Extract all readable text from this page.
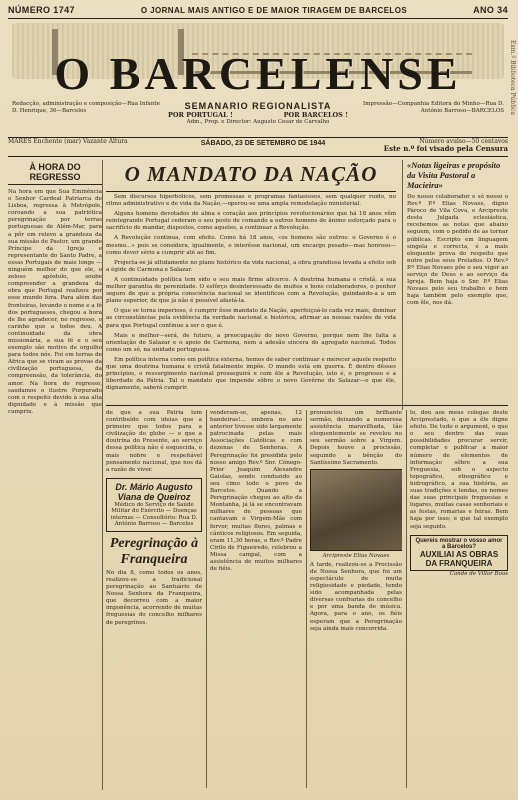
NÚMERO 1747	O JORNAL MAIS ANTIGO E DE MAIOR TIRAGEM DE BARCELOS	ANO 34
O BARCELENSE
Redacção, administração e composição—Rua Infante D. Henrique, 36—Barcelos	SEMANARIO REGIONALISTA
POR PORTUGAL !	POR BARCELOS !
Adm., Prop. e Director: Augusto Cesar de Carvalho
Impressão—Companhia Editora do Minho—Rua D. António Barroso—BARCELOS
MARÉS Enchente (mar) Vazante Altura	SÁBADO, 23 DE SETEMBRO DE 1944	Número avulso—50 centavos
Este n.º foi visado pela Censura
Exm.º Biblioteca Pública
À HORA DO REGRESSO
Na hora em que Sua Eminência o Senhor Cardeal Patriarca de Lisboa, regressa à Metrópole, coroando a sua patriótica peregrinação por terras portuguesas de Além-Mar, para a pôr em relevo a grandeza da sua missão de Pastor, um grande Príncipe da Igreja e representante do Santo Padre, a essas Portugais de mais longe — ninguém melhor do que ele, o zeloso apóstolo, soube compreender a grandeza da obra que Portugal realizou por esse mundo fora. Para além das fronteiras, levando o nome e a fé dos portugueses, chegou a hora de lhe agradecer, no regresso, o carinho que a todos deu. A continuidade da obra missionária, a sua fé e o seu exemplo são motivo de orgulho para todos nós. Foi em terras de África que se viram as provas da civilização portuguesa, da compreensão, da tolerância, do amor. Na hora do regresso, saudamos o ilustre Purpurado com o respeito devido à sua alta dignidade e à missão que cumpriu.
O MANDATO DA NAÇÃO

Sem discursos hiperbólicos, sem promessas e programas fantasiosos, sem qualquer ruído, no ritmo administrativo e de vida da Nação,—operou-se uma ampla remodelação ministerial.

Alguns homens devotados de alma e coração aos princípios revolucionários que há 18 anos vêm reintegrando Portugal cederam o seu posto de comando a outros homens de ânimo esforçado para o sacrifício de mandar, dispostos, como aqueles, a continuar a Revolução.

A Revolução continua, com efeito. Como há 18 anos, «os homens são outros: o Governo é o mesmo...» pois se considera, igualmente, o interêsse nacional, um encargo pesado—mas honroso—como dever sério a cumprir até ao fim.

Projecta-se já ultidamente no plano histórico da vida nacional, a obra grandiosa levada a efeito sob a égide de Carmona e Salazar.

A continuidade política tem sido o seu mais firme alicerce. A doutrina humana e cristã, a sua melhor garantia de perenidade. O esfôrço desinteressado de muitos e bons colaboradores, o penhor seguro de que a própria consciência nacional se identificou com a Revolução, guindando-a a um plano superior, de que já não é possível afastá-la.

O que se torna imperioso, é cumprir êsse mandato da Nação, aperfeiçoá-lo cada vez mais, dominar as circunstâncias pela evidência da verdade nacional e histórica, afirmar as nossas razões de vida para que Portugal continue a ser o que é.

Mais e melhor—será, de futuro, a preocupação do novo Governo, porque nem lhe falta a orientação de Salazar e o apoio de Carmona, nem a adesão sincera do agregado nacional. Todos como um só, na unidade portuguesa.

Em política interna como em política externa, hemos de saber continuar e merecer aquele respeito que uma doutrina humana e cristã fatalmente impõe. O mundo está em guerra. É dentro dêsses princípios, o ressurgimento nacional prosseguirá e com êle a Revolução, isto é, o progresso e a liberdade da Pátria. Tal o mandato que impende sôbre o novo Govêrno de Salazar—o que êle, dignamente, saberá cumprir.

«Notas ligeiras e propósito da Visita Pastoral a Macieira»
Do nosso colaborador e só nosso o Rev.º P.º Elias Novaes, digno Pároco de Vila Cova, e Arcipreste desta Julgada eclesiástica, recebemos as notas que abaixo seguem, com o pedido de as tornar públicas. Escripto em linguagem singela e correcta, é a mais eloquente prova do respeito que nutre pelos seus Prelados. O Rev.º P.º Elias Novaes põe o seu vigor ao serviço de Deus e ao serviço da Igreja. Bem haja o Snr. P.º Elias Novaes pelo seu trabalho e bem haja também pelo exemplo que, com êle, nos dá.
de que a sua Pátria tem contribuído com ideias que a primeiro que todos para a civilização do globo — e que a doutrina do Presente, ao serviço dessa política não é esquecida, o mais nobre e respeitável pensamento nacional, que nos dá a razão de viver.
Dr. Mário Augusto Viana de Queiroz
Médico do Serviço de Saúde Militar do Exército — Doenças internas — Consultório: Rua D. António Barroso — Barcelos
Peregrinação à Franqueira
No dia 8, como todos os anos, realizou-se a tradicional peregrinação ao Santuário de Nossa Senhora da Franqueira, que decorreu com a maior imponência, acorrendo de muitas freguesias do concelho milhares de peregrinos.
venderam-se, apenas, 12 bandeiras!... embora no ano anterior tivesse sido largamente patrocinada pelas mais Associações Católicas e com dezenas de Senhoras. A Peregrinação foi presidida pelo nosso amigo Rev.º Snr. Cónego-Prior Joaquim Alexandre Gaiolas, sendo conduzido ao seu cimo todo o povo de Barcelos. Quando a Peregrinação chegou ao alto da Montanha, já lá se encontravam milhares de pessoas que cantavam o Virgem-Mãe com fervor, muitas flores, palmas e cânticos religiosos. Em seguida, eram 11,30 horas, o Rev.º Padre Cirilo de Figueiredo, celebrou a Missa campal, com a assistência de muitos milhares de fiéis.
pronunciou um brilhante sermão, deixando a numerosa assistência maravilhada, tão eloquentemente se revelou no seu sermão sobre a Virgem. Depois houve a procissão, seguindo a bênção do Santíssimo Sacramento.
Arcipreste Elias Novaes
A tarde, realizou-se a Procissão de Nossa Senhora, que foi um espectáculo de muita religiosidade e piedade, tendo sido acompanhada pelas diversas confrarias do concelho e por uma banda de música. Agora, para o ano, os fiéis esperam que a Peregrinação seja ainda mais concorrida.
lo, dou aos meus colegas deste Arciprestado, o que a êle digne efeito. De tudo o argument, o que o seu dentro das suas possibilidades procurar servir, completar e publicar a maior número de elementos de informação sôbre a sua Freguesia, sob o aspecto topográfico, etnográfico e hidrográfico, a sua história, as suas tradições e lendas, os nomes das suas principais freguesias e lugares, muitas casas senhoriais e as festas, romarias e feiras. Bem haja por isso; e que tal exemplo seja seguido.
Quereis mostrar o vosso amor a Barcelos?
AUXILIAI AS OBRAS DA FRANQUEIRA
Cande de Villar Boas
